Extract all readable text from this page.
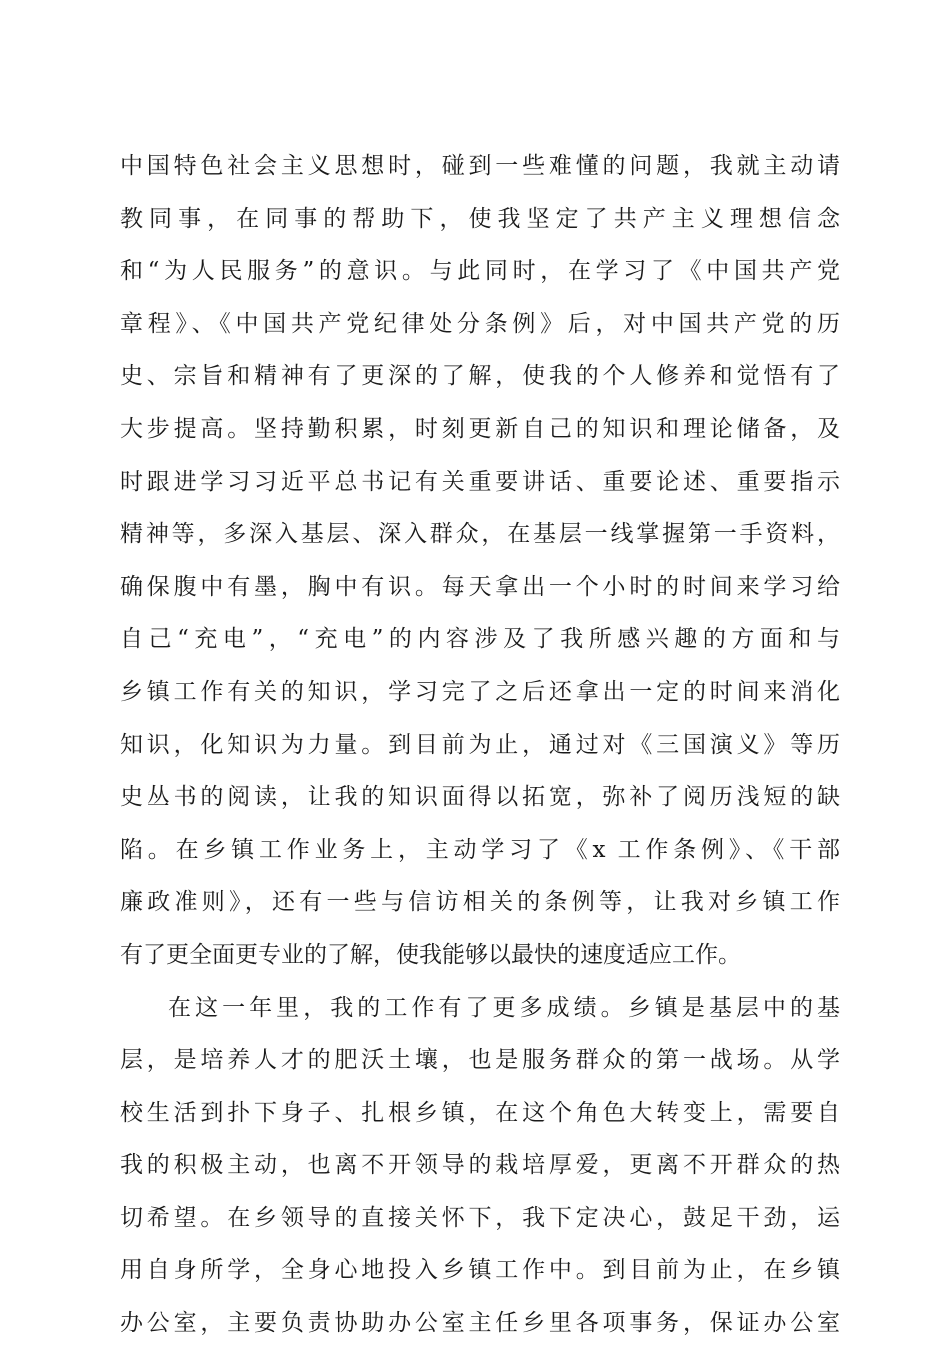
中国特色社会主义思想时，碰到一些难懂的问题，我就主动请
教同事，在同事的帮助下，使我坚定了共产主义理想信念
和“为人民服务”的意识。与此同时，在学习了《中国共产党
章程》、《中国共产党纪律处分条例》后，对中国共产党的历
史、宗旨和精神有了更深的了解，使我的个人修养和觉悟有了
大步提高。坚持勤积累，时刻更新自己的知识和理论储备，及
时跟进学习习近平总书记有关重要讲话、重要论述、重要指示
精神等，多深入基层、深入群众，在基层一线掌握第一手资料，
确保腹中有墨，胸中有识。每天拿出一个小时的时间来学习给
自己“充电”，“充电”的内容涉及了我所感兴趣的方面和与
乡镇工作有关的知识，学习完了之后还拿出一定的时间来消化
知识，化知识为力量。到目前为止，通过对《三国演义》等历
史丛书的阅读，让我的知识面得以拓宽，弥补了阅历浅短的缺
陷。在乡镇工作业务上，主动学习了《x 工作条例》、《干部
廉政准则》，还有一些与信访相关的条例等，让我对乡镇工作
有了更全面更专业的了解，使我能够以最快的速度适应工作。
在这一年里，我的工作有了更多成绩。乡镇是基层中的基
层，是培养人才的肥沃土壤，也是服务群众的第一战场。从学
校生活到扑下身子、扎根乡镇，在这个角色大转变上，需要自
我的积极主动，也离不开领导的栽培厚爱，更离不开群众的热
切希望。在乡领导的直接关怀下，我下定决心，鼓足干劲，运
用自身所学，全身心地投入乡镇工作中。到目前为止，在乡镇
办公室，主要负责协助办公室主任乡里各项事务，保证办公室
